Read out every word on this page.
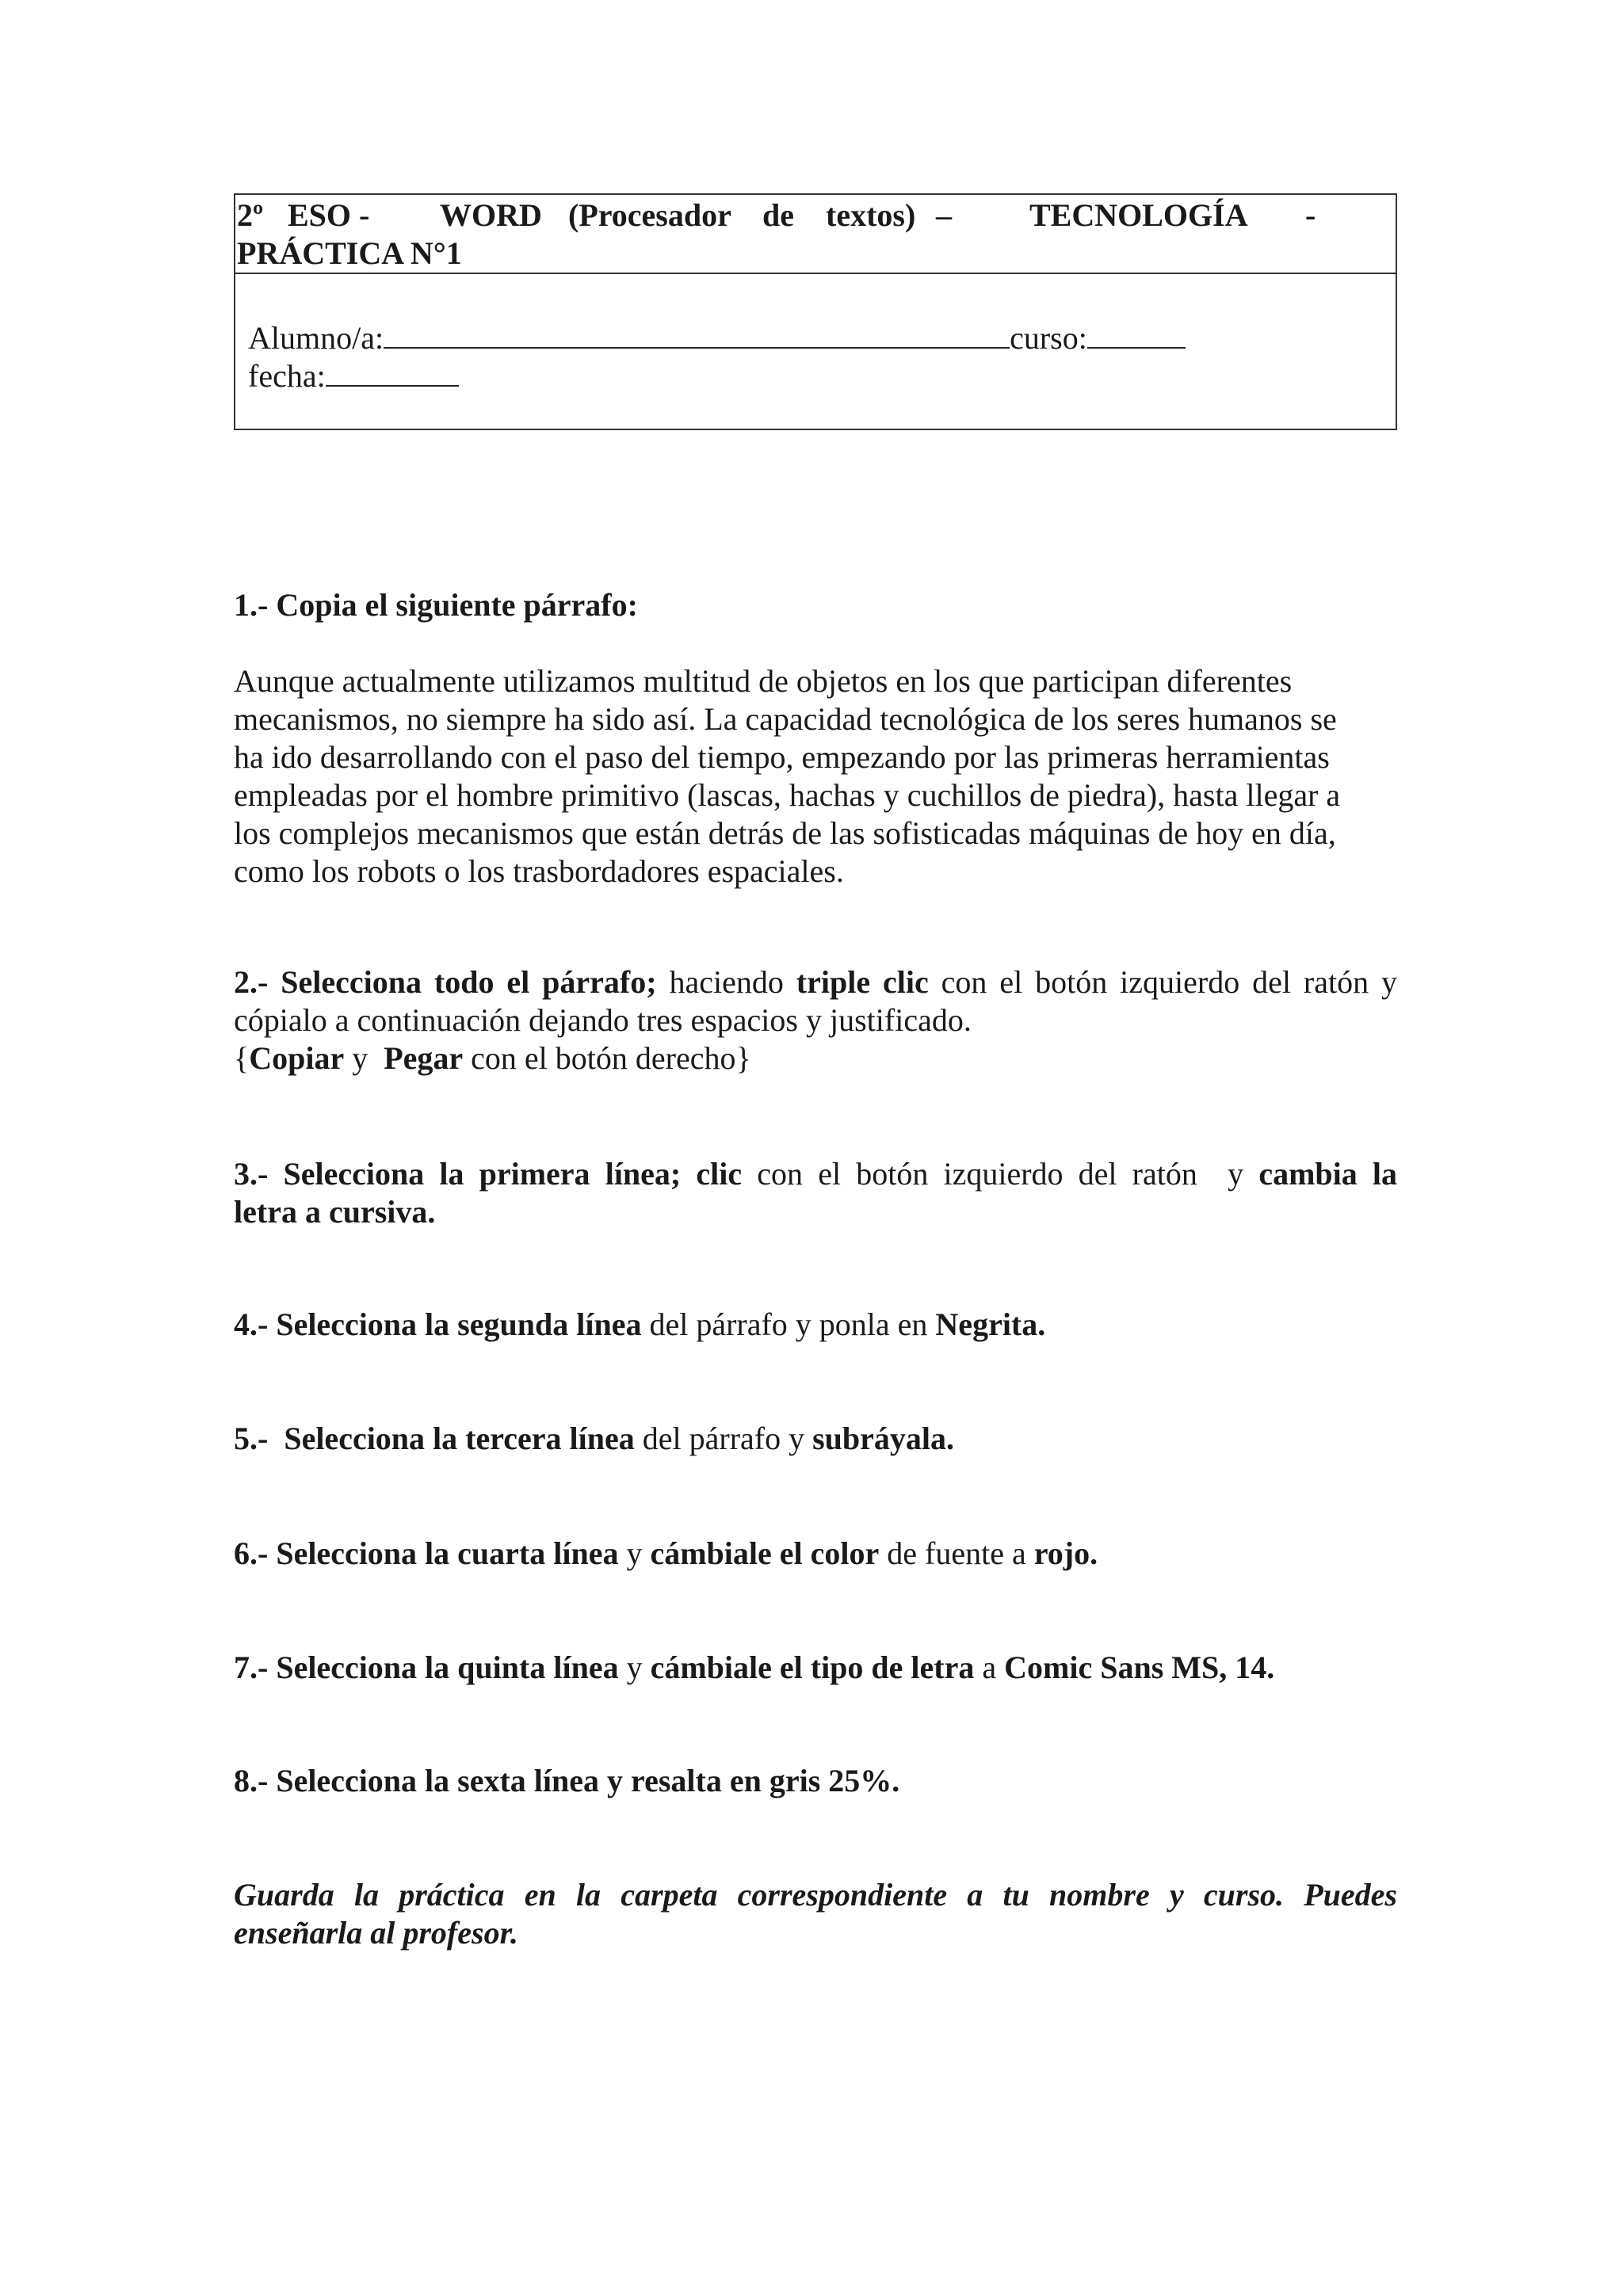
2º ESO - WORD (Procesador de textos) – TECNOLOGÍA -
PRÁCTICA N°1
Alumno/a:	curso:
fecha:
1.- Copia el siguiente párrafo:
Aunque actualmente utilizamos multitud de objetos en los que participan diferentes
mecanismos, no siempre ha sido así. La capacidad tecnológica de los seres humanos se
ha ido desarrollando con el paso del tiempo, empezando por las primeras herramientas
empleadas por el hombre primitivo (lascas, hachas y cuchillos de piedra), hasta llegar a
los complejos mecanismos que están detrás de las sofisticadas máquinas de hoy en día,
como los robots o los trasbordadores espaciales.
2.- Selecciona todo el párrafo; haciendo triple clic con el botón izquierdo del ratón y
cópialo a continuación dejando tres espacios y justificado.
{Copiar y  Pegar con el botón derecho}
3.- Selecciona la primera línea; clic con el botón izquierdo del ratón  y cambia la
letra a cursiva.
4.- Selecciona la segunda línea del párrafo y ponla en Negrita.
5.-  Selecciona la tercera línea del párrafo y subráyala.
6.- Selecciona la cuarta línea y cámbiale el color de fuente a rojo.
7.- Selecciona la quinta línea y cámbiale el tipo de letra a Comic Sans MS, 14.
8.- Selecciona la sexta línea y resalta en gris 25%.
Guarda la práctica en la carpeta correspondiente a tu nombre y curso. Puedes
enseñarla al profesor.
